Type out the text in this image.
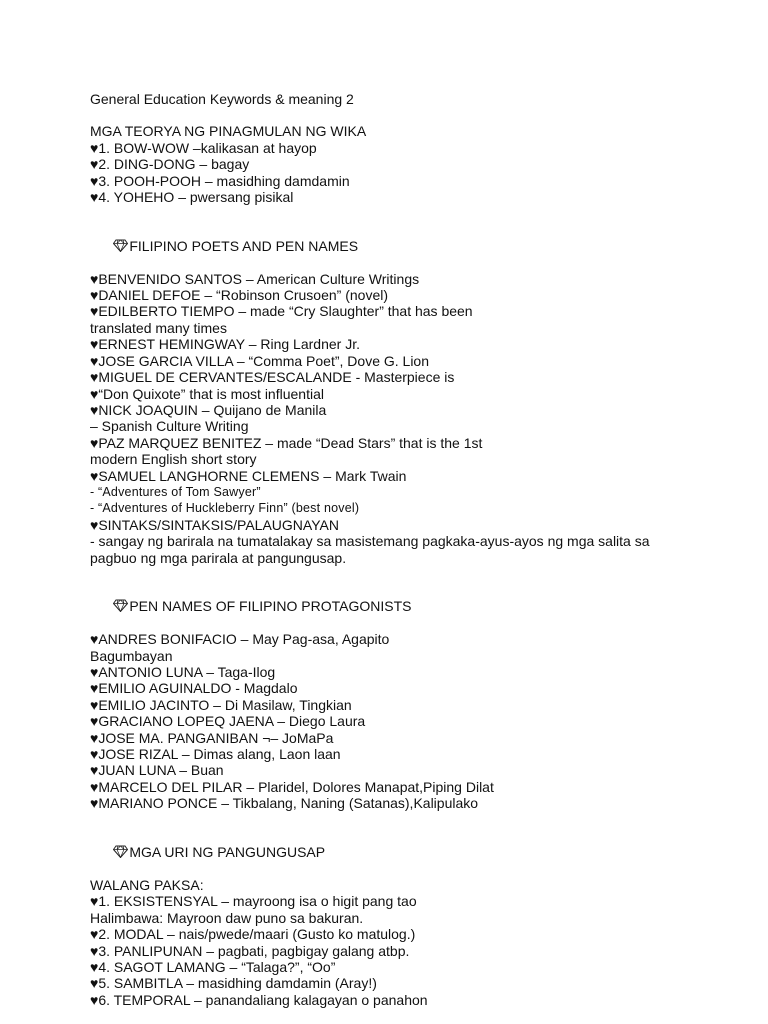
General Education Keywords & meaning 2
MGA TEORYA NG PINAGMULAN NG WIKA
♥1. BOW-WOW –kalikasan at hayop
♥2. DING-DONG – bagay
♥3. POOH-POOH – masidhing damdamin
♥4. YOHEHO – pwersang pisikal

FILIPINO POETS AND PEN NAMES

♥BENVENIDO SANTOS – American Culture Writings
♥DANIEL DEFOE – “Robinson Crusoen” (novel)
♥EDILBERTO TIEMPO – made “Cry Slaughter” that has been
translated many times
♥ERNEST HEMINGWAY – Ring Lardner Jr.
♥JOSE GARCIA VILLA – “Comma Poet”, Dove G. Lion
♥MIGUEL DE CERVANTES/ESCALANDE - Masterpiece is
♥“Don Quixote” that is most influential
♥NICK JOAQUIN – Quijano de Manila
– Spanish Culture Writing
♥PAZ MARQUEZ BENITEZ – made “Dead Stars” that is the 1st
modern English short story
♥SAMUEL LANGHORNE CLEMENS – Mark Twain
- “Adventures of Tom Sawyer”
- “Adventures of Huckleberry Finn” (best novel)
♥SINTAKS/SINTAKSIS/PALAUGNAYAN
- sangay ng barirala na tumatalakay sa masistemang pagkaka-ayus-ayos ng mga salita sa
pagbuo ng mga parirala at pangungusap.

PEN NAMES OF FILIPINO PROTAGONISTS

♥ANDRES BONIFACIO – May Pag-asa, Agapito
Bagumbayan
♥ANTONIO LUNA – Taga-Ilog
♥EMILIO AGUINALDO - Magdalo
♥EMILIO JACINTO – Di Masilaw, Tingkian
♥GRACIANO LOPEQ JAENA – Diego Laura
♥JOSE MA. PANGANIBAN ¬– JoMaPa
♥JOSE RIZAL – Dimas alang, Laon laan
♥JUAN LUNA – Buan
♥MARCELO DEL PILAR – Plaridel, Dolores Manapat,Piping Dilat
♥MARIANO PONCE – Tikbalang, Naning (Satanas),Kalipulako

MGA URI NG PANGUNGUSAP

WALANG PAKSA:
♥1. EKSISTENSYAL – mayroong isa o higit pang tao
Halimbawa: Mayroon daw puno sa bakuran.
♥2. MODAL – nais/pwede/maari (Gusto ko matulog.)
♥3. PANLIPUNAN – pagbati, pagbigay galang atbp.
♥4. SAGOT LAMANG – “Talaga?”, “Oo”
♥5. SAMBITLA – masidhing damdamin (Aray!)
♥6. TEMPORAL – panandaliang kalagayan o panahon
